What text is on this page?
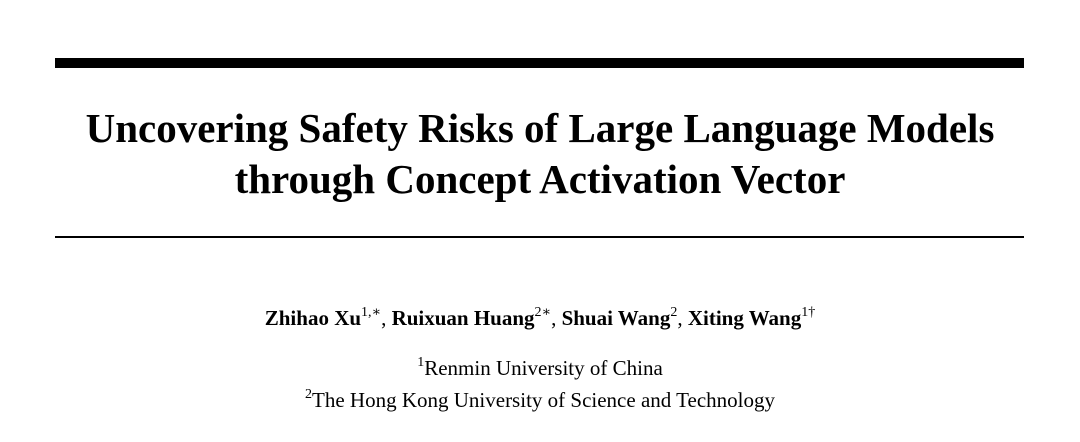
Uncovering Safety Risks of Large Language Models
through Concept Activation Vector
Zhihao $Xu^{1,∗}$, Ruixuan Huang$^{2∗}$, Shuai Wang$^2$, Xiting Wang$^{1\dagger}$
$^1$Renmin University of China
$^2$The Hong Kong University of Science and Technology
